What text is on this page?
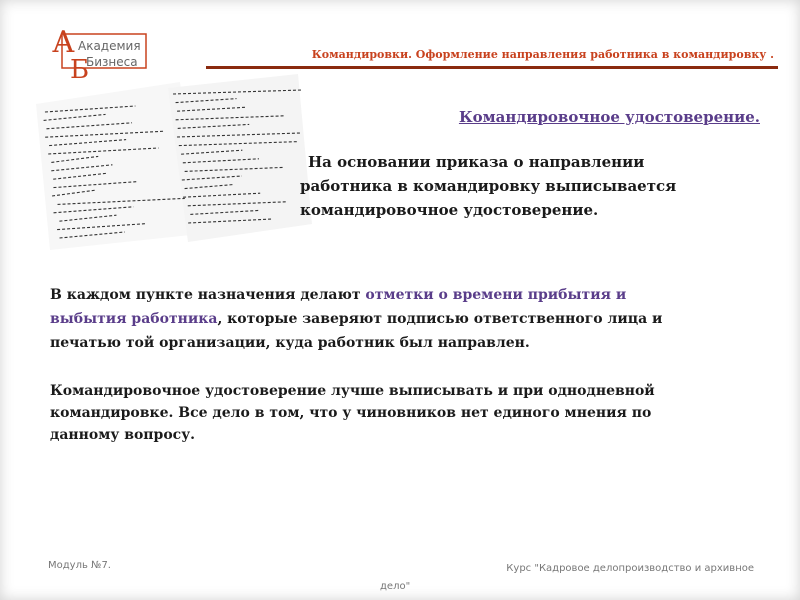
А
Б
Академия
Бизнеса
Командировки. Оформление направления работника в командировку .
Командировочное удостоверение.
На основании приказа о направлении
работника в командировку выписывается
командировочное удостоверение.
В каждом пункте назначения делают отметки о времени прибытия и
выбытия работника, которые заверяют подписью ответственного лица и
печатью той организации, куда работник был направлен.
Командировочное удостоверение лучше выписывать и при однодневной
командировке. Все дело в том, что у чиновников нет единого мнения по
данному вопросу.
Модуль №7.	Курс "Кадровое делопроизводство и архивное
дело"
